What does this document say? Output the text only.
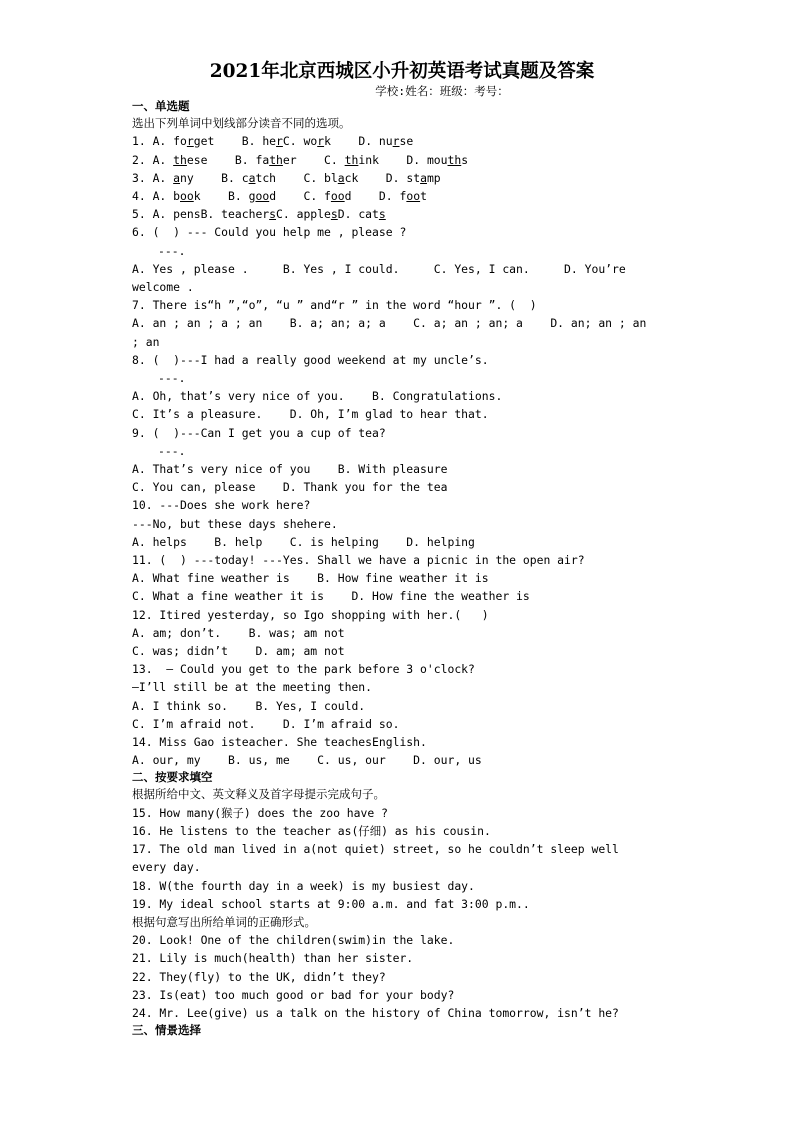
2021年北京西城区小升初英语考试真题及答案
学校:姓名：班级：考号：
一、单选题
选出下列单词中划线部分读音不同的选项。
1. A. forget    B. herC. work    D. nurse
2. A. these    B. father    C. think    D. mouths
3. A. any    B. catch    C. black    D. stamp
4. A. book    B. good    C. food    D. foot
5. A. pensB. teachersC. applesD. cats
6. (  ) --- Could you help me , please ?
---.
A. Yes , please .     B. Yes , I could.     C. Yes, I can.     D. You’re
welcome .
7. There is“h ”,“o”, “u ” and“r ” in the word “hour ”. (  )
A. an ; an ; a ; an    B. a; an; a; a    C. a; an ; an; a    D. an; an ; an
; an
8. (  )---I had a really good weekend at my uncle’s.
---.
A. Oh, that’s very nice of you.    B. Congratulations.
C. It’s a pleasure.    D. Oh, I’m glad to hear that.
9. (  )---Can I get you a cup of tea?
---.
A. That’s very nice of you    B. With pleasure
C. You can, please    D. Thank you for the tea
10. ---Does she work here?
---No, but these days shehere.
A. helps    B. help    C. is helping    D. helping
11. (  ) ---today! ---Yes. Shall we have a picnic in the open air?
A. What fine weather is    B. How fine weather it is
C. What a fine weather it is    D. How fine the weather is
12. Itired yesterday, so Igo shopping with her.(   )
A. am; don’t.    B. was; am not
C. was; didn’t    D. am; am not
13.  — Could you get to the park before 3 o'clock?
—I’ll still be at the meeting then.
A. I think so.    B. Yes, I could.
C. I’m afraid not.    D. I’m afraid so.
14. Miss Gao isteacher. She teachesEnglish.
A. our, my    B. us, me    C. us, our    D. our, us
二、按要求填空
根据所给中文、英文释义及首字母提示完成句子。
15. How many(猴子) does the zoo have ?
16. He listens to the teacher as(仔细) as his cousin.
17. The old man lived in a(not quiet) street, so he couldn’t sleep well
every day.
18. W(the fourth day in a week) is my busiest day.
19. My ideal school starts at 9:00 a.m. and fat 3:00 p.m..
根据句意写出所给单词的正确形式。
20. Look! One of the children(swim)in the lake.
21. Lily is much(health) than her sister.
22. They(fly) to the UK, didn’t they?
23. Is(eat) too much good or bad for your body?
24. Mr. Lee(give) us a talk on the history of China tomorrow, isn’t he?
三、情景选择
